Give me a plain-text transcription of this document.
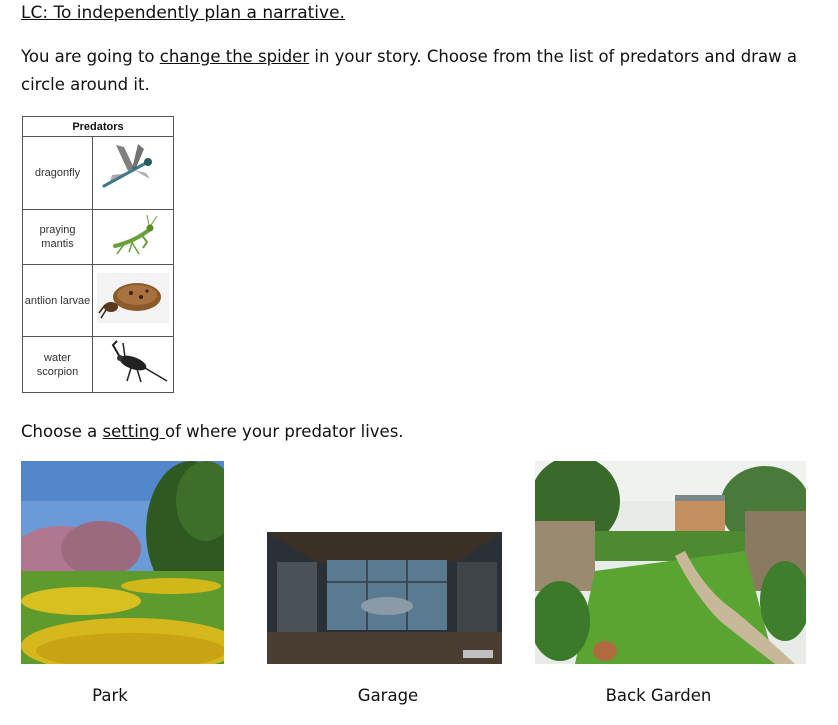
LC: To independently plan a narrative.
You are going to change the spider in your story. Choose from the list of predators and draw a circle around it.
Predators	
dragonfly	
praying mantis	
antlion larvae	
water scorpion	
Choose a setting of where your predator lives.
Park	Garage	Back Garden
